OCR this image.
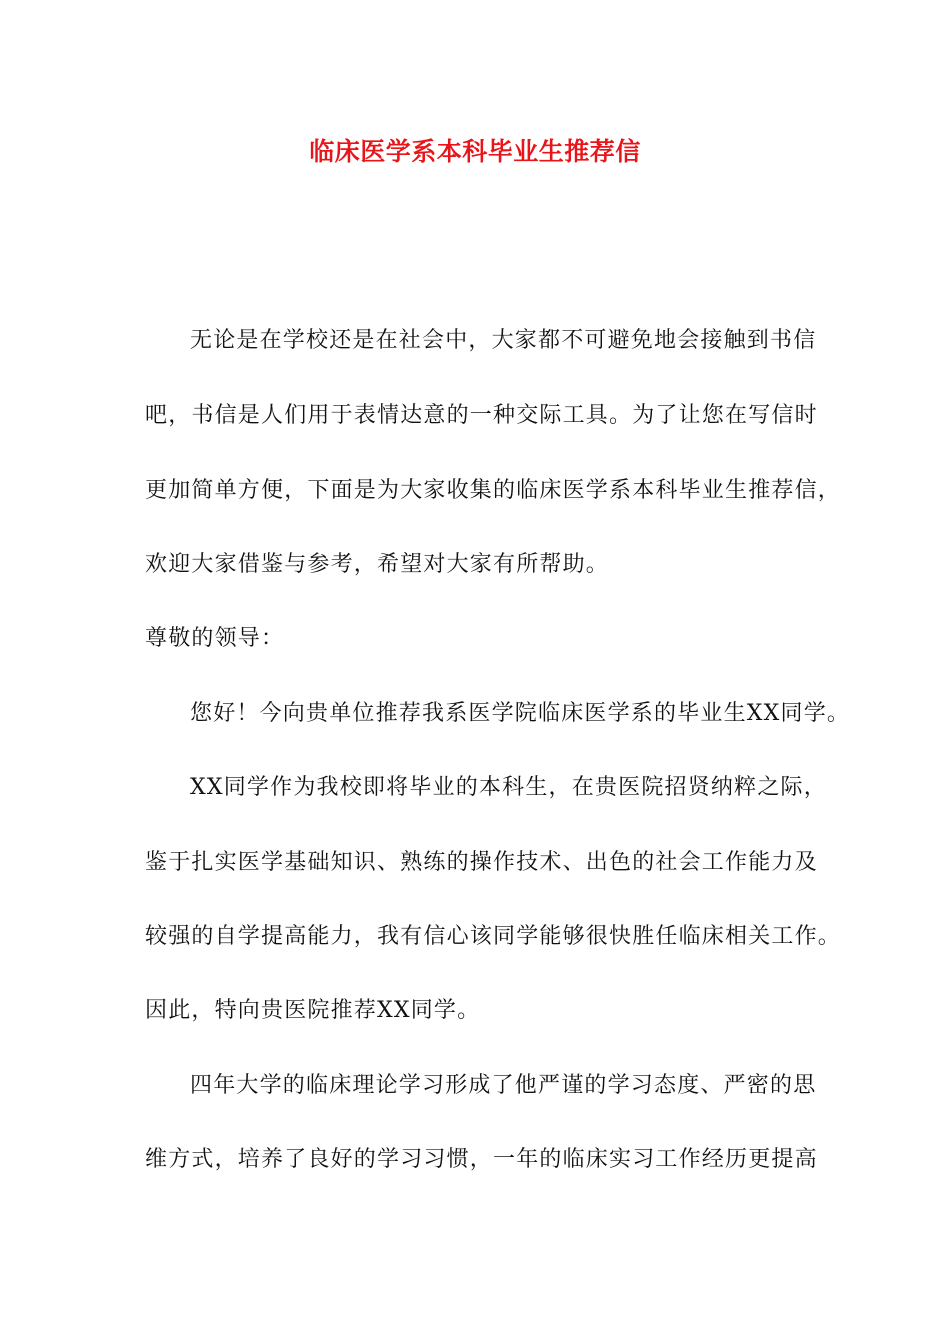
临床医学系本科毕业生推荐信
无论是在学校还是在社会中，大家都不可避免地会接触到书信
吧，书信是人们用于表情达意的一种交际工具。为了让您在写信时
更加简单方便，下面是为大家收集的临床医学系本科毕业生推荐信，
欢迎大家借鉴与参考，希望对大家有所帮助。
尊敬的领导：
您好！今向贵单位推荐我系医学院临床医学系的毕业生XX同学。
XX同学作为我校即将毕业的本科生，在贵医院招贤纳粹之际，
鉴于扎实医学基础知识、熟练的操作技术、出色的社会工作能力及
较强的自学提高能力，我有信心该同学能够很快胜任临床相关工作。
因此，特向贵医院推荐XX同学。
四年大学的临床理论学习形成了他严谨的学习态度、严密的思
维方式，培养了良好的学习习惯，一年的临床实习工作经历更提高
